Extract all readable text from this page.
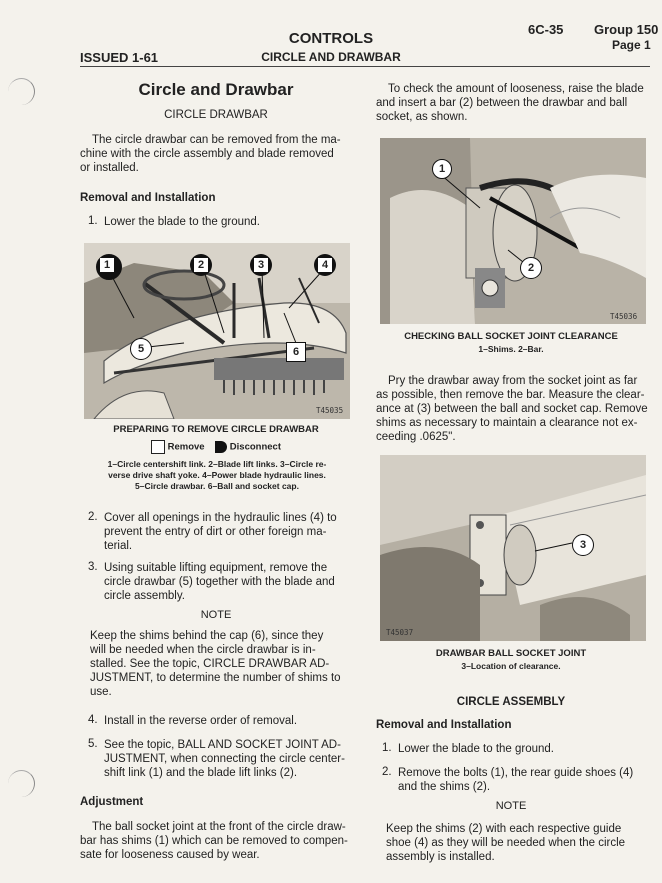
ISSUED 1-61
CONTROLS
CIRCLE AND DRAWBAR
6C-35 Group 150
Page 1
Circle and Drawbar
CIRCLE DRAWBAR
The circle drawbar can be removed from the ma-
chine with the circle assembly and blade removed
or installed.
Removal and Installation
1. Lower the blade to the ground.
1	2	3	4
5	6
T45035
PREPARING TO REMOVE CIRCLE DRAWBAR
Remove	Disconnect
1–Circle centershift link. 2–Blade lift links. 3–Circle re-
verse drive shaft yoke. 4–Power blade hydraulic lines.
5–Circle drawbar. 6–Ball and socket cap.
2. Cover all openings in the hydraulic lines (4) to
prevent the entry of dirt or other foreign ma-
terial.
3. Using suitable lifting equipment, remove the
circle drawbar (5) together with the blade and
circle assembly.
NOTE
Keep the shims behind the cap (6), since they
will be needed when the circle drawbar is in-
stalled. See the topic, CIRCLE DRAWBAR AD-
JUSTMENT, to determine the number of shims to
use.
4. Install in the reverse order of removal.
5. See the topic, BALL AND SOCKET JOINT AD-
JUSTMENT, when connecting the circle center-
shift link (1) and the blade lift links (2).
Adjustment
The ball socket joint at the front of the circle draw-
bar has shims (1) which can be removed to compen-
sate for looseness caused by wear.
To check the amount of looseness, raise the blade
and insert a bar (2) between the drawbar and ball
socket, as shown.
1
2
T45036
CHECKING BALL SOCKET JOINT CLEARANCE
1–Shims. 2–Bar.
Pry the drawbar away from the socket joint as far
as possible, then remove the bar. Measure the clear-
ance at (3) between the ball and socket cap. Remove
shims as necessary to maintain a clearance not ex-
ceeding .0625".
3
T45037
DRAWBAR BALL SOCKET JOINT
3–Location of clearance.
CIRCLE ASSEMBLY
Removal and Installation
1. Lower the blade to the ground.
2. Remove the bolts (1), the rear guide shoes (4)
and the shims (2).
NOTE
Keep the shims (2) with each respective guide
shoe (4) as they will be needed when the circle
assembly is installed.
